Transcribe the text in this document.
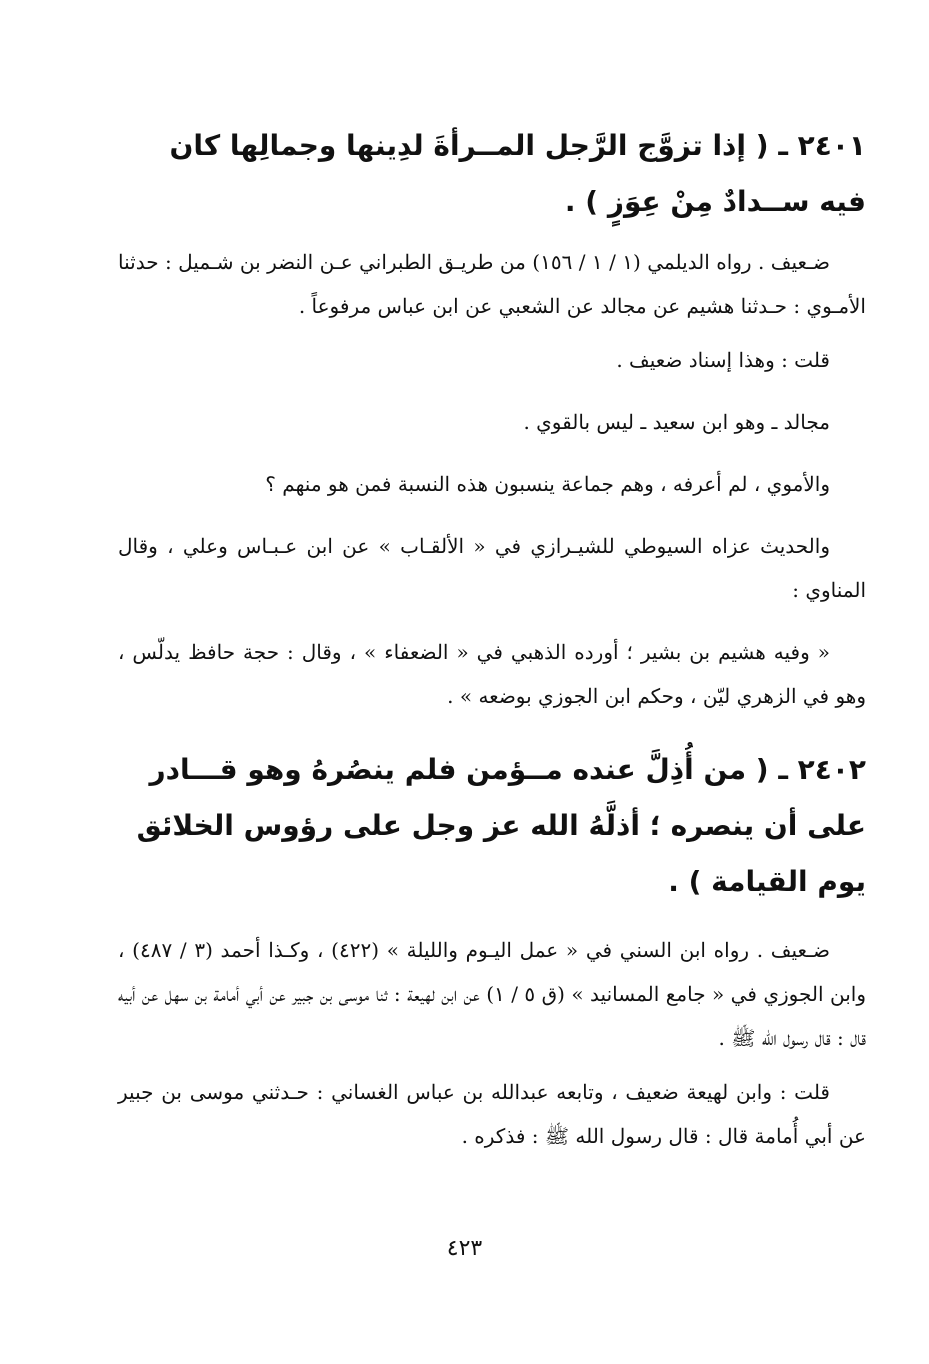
٢٤٠١ ـ ( إذا تزوَّج الرَّجل المــرأةَ لدِينها وجمالِها كان فيه ســدادٌ مِنْ عِوَزٍ ) .

ضـعيف . رواه الديلمي (١ / ١ / ١٥٦) من طريـق الطبراني عـن النضر بن شـميل : حدثنا الأمـوي : حـدثنا هشيم عن مجالد عن الشعبي عن ابن عباس مرفوعاً .

قلت : وهذا إسناد ضعيف .

مجالد ـ وهو ابن سعيد ـ ليس بالقوي .

والأموي ، لم أعرفه ، وهم جماعة ينسبون هذه النسبة فمن هو منهم ؟

والحديث عزاه السيوطي للشيـرازي في « الألقـاب » عن ابن عـبـاس وعلي ، وقال المناوي :

« وفيه هشيم بن بشير ؛ أورده الذهبي في « الضعفاء » ، وقال : حجة حافظ يدلّس ، وهو في الزهري ليّن ، وحكم ابن الجوزي بوضعه » .

٢٤٠٢ ـ ( من أُذِلَّ عنده مــؤمن فلم ينصُرهُ وهو قـــادر على أن ينصره ؛ أذلَّهُ الله عز وجل على رؤوس الخلائق يوم القيامة ) .

ضـعيف . رواه ابن السني في « عمل اليـوم والليلة » (٤٢٢) ، وكـذا أحمد (٣ / ٤٨٧) ، وابن الجوزي في « جامع المسانيد » (ق ٥ / ١) عن ابن لهيعة : ثنا موسى بن جبير عن أبي أمامة بن سهل عن أبيه قال : قال رسول الله ﷺ .

قلت : وابن لهيعة ضعيف ، وتابعه عبدالله بن عباس الغساني : حـدثني موسى بن جبير عن أبي أُمامة قال : قال رسول الله ﷺ : فذكره .

٤٢٣
